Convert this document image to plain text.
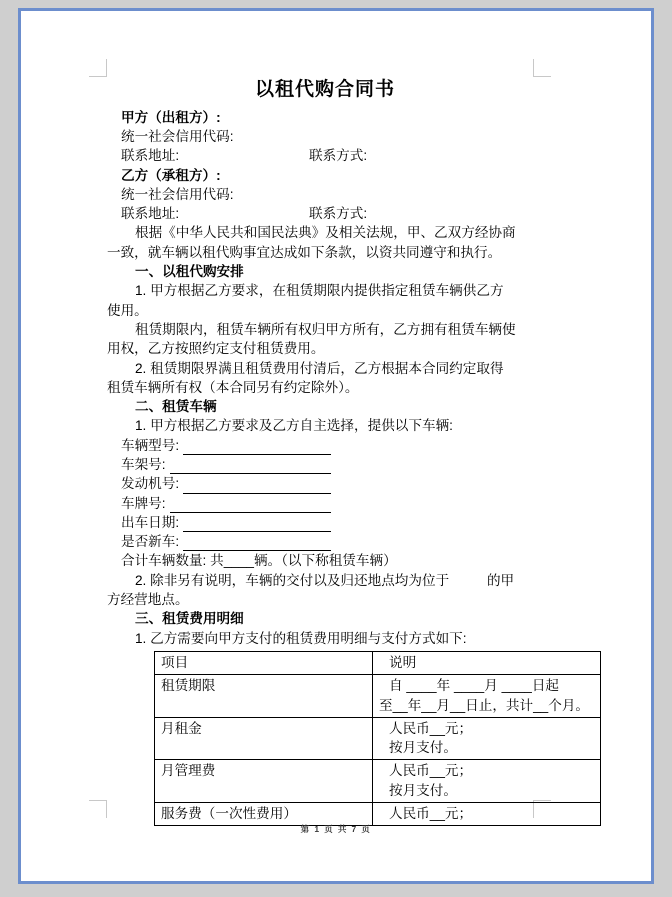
以租代购合同书

甲方（出租方）:

统一社会信用代码:

联系地址:	联系方式:

乙方（承租方）:

统一社会信用代码:

联系地址:	联系方式:

根据《中华人民共和国民法典》及相关法规，甲、乙双方经协商

一致，就车辆以租代购事宜达成如下条款，以资共同遵守和执行。

一、以租代购安排

1. 甲方根据乙方要求，在租赁期限内提供指定租赁车辆供乙方

使用。

租赁期限内，租赁车辆所有权归甲方所有，乙方拥有租赁车辆使

用权，乙方按照约定支付租赁费用。

2. 租赁期限界满且租赁费用付清后，乙方根据本合同约定取得

租赁车辆所有权（本合同另有约定除外）。

二、租赁车辆

1. 甲方根据乙方要求及乙方自主选择，提供以下车辆:

车辆型号:
车架号:
发动机号:
车牌号:
出车日期:
是否新车:

合计车辆数量: 共____辆。（以下称租赁车辆）

2. 除非另有说明，车辆的交付以及归还地点均为位于          的甲

方经营地点。

三、租赁费用明细

1. 乙方需要向甲方支付的租赁费用明细与支付方式如下:

项目	说明
租赁期限	自 ____年 ____月 ____日起
至__年__月__日止，共计__个月。

月租金	人民币__元；
按月支付。

月管理费	人民币__元；
按月支付。

服务费（一次性费用）	人民币__元；
第 1 页 共 7 页
